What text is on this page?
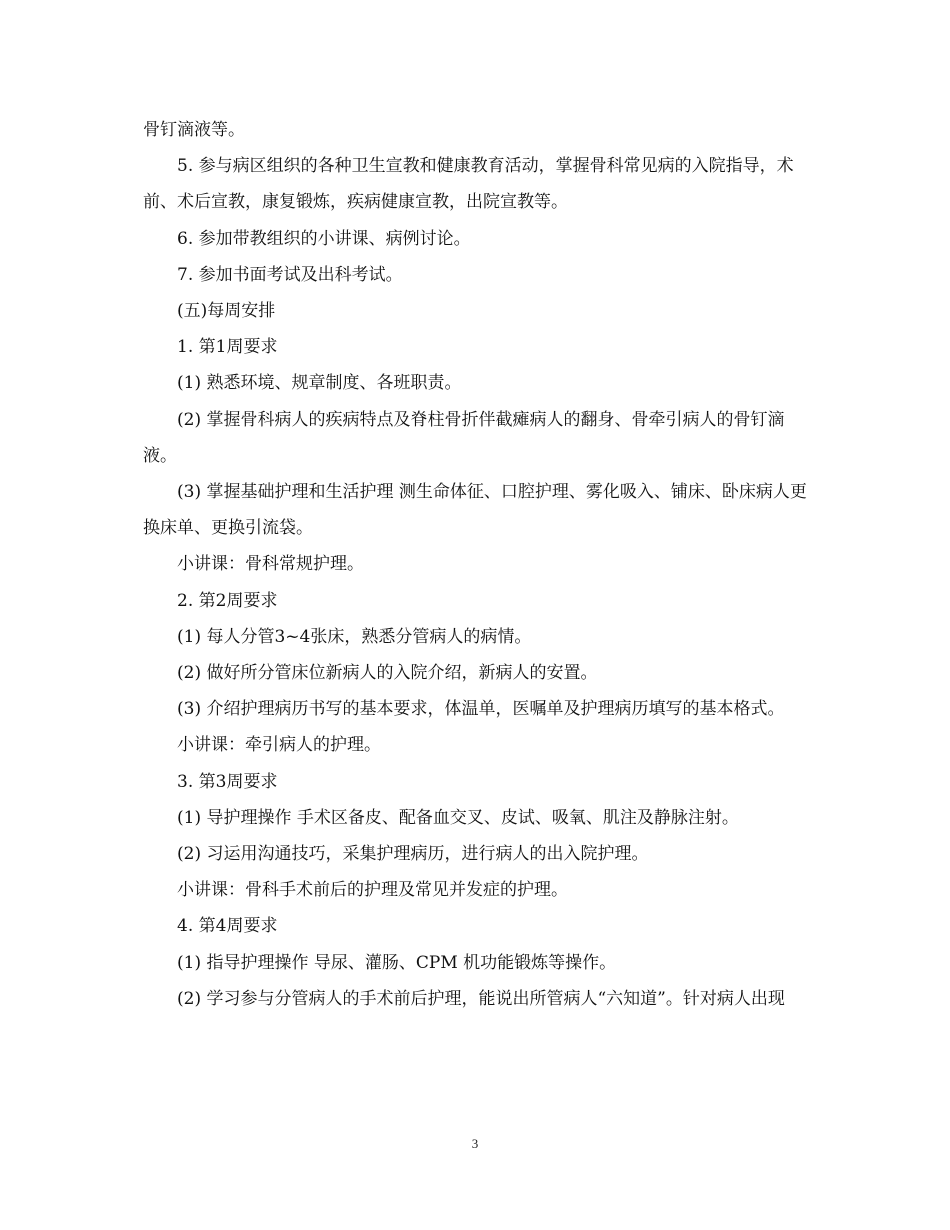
骨钉滴液等。

5. 参与病区组织的各种卫生宣教和健康教育活动，掌握骨科常见病的入院指导，术前、术后宣教，康复锻炼，疾病健康宣教，出院宣教等。

6. 参加带教组织的小讲课、病例讨论。

7. 参加书面考试及出科考试。

(五)每周安排

1. 第1周要求

(1) 熟悉环境、规章制度、各班职责。

(2) 掌握骨科病人的疾病特点及脊柱骨折伴截瘫病人的翻身、骨牵引病人的骨钉滴液。

(3) 掌握基础护理和生活护理 测生命体征、口腔护理、雾化吸入、铺床、卧床病人更换床单、更换引流袋。

小讲课：骨科常规护理。

2. 第2周要求

(1) 每人分管3~4张床，熟悉分管病人的病情。

(2) 做好所分管床位新病人的入院介绍，新病人的安置。

(3) 介绍护理病历书写的基本要求，体温单，医嘱单及护理病历填写的基本格式。

小讲课：牵引病人的护理。

3. 第3周要求

(1) 导护理操作 手术区备皮、配备血交叉、皮试、吸氧、肌注及静脉注射。

(2) 习运用沟通技巧，采集护理病历，进行病人的出入院护理。

小讲课：骨科手术前后的护理及常见并发症的护理。

4. 第4周要求

(1) 指导护理操作 导尿、灌肠、CPM 机功能锻炼等操作。

(2) 学习参与分管病人的手术前后护理，能说出所管病人“六知道”。针对病人出现

3
